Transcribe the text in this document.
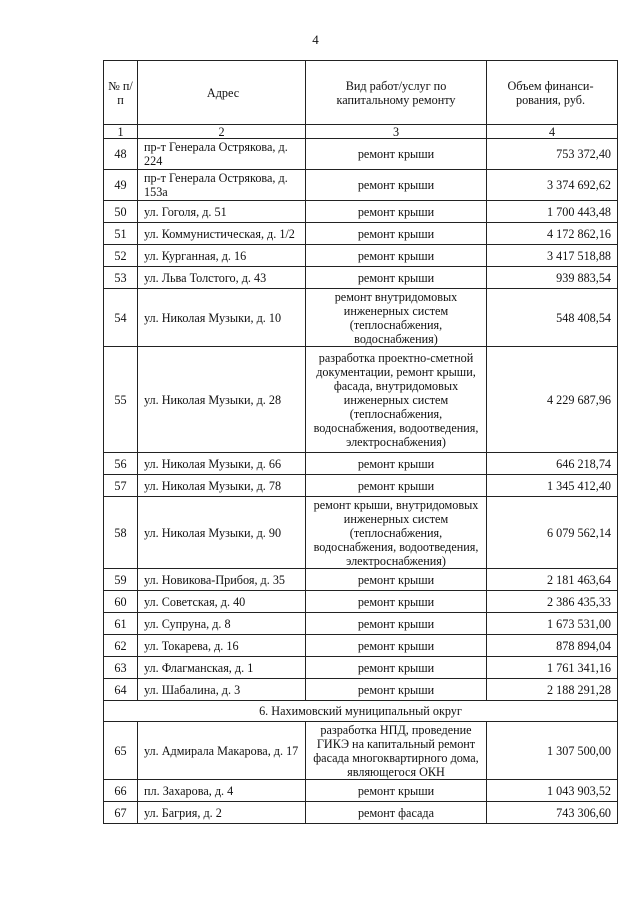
4
№ п/п	Адрес	Вид работ/услуг по капитальному ремонту	Объем финанси-рования, руб.
1	2	3	4
48	пр-т Генерала Острякова, д. 224	ремонт крыши	753 372,40
49	пр-т Генерала Острякова, д. 153а	ремонт крыши	3 374 692,62
50	ул. Гоголя, д. 51	ремонт крыши	1 700 443,48
51	ул. Коммунистическая, д. 1/2	ремонт крыши	4 172 862,16
52	ул. Курганная, д. 16	ремонт крыши	3 417 518,88
53	ул. Льва Толстого, д. 43	ремонт крыши	939 883,54
54	ул. Николая Музыки, д. 10	ремонт внутридомовых инженерных систем (теплоснабжения, водоснабжения)	548 408,54
55	ул. Николая Музыки, д. 28	разработка проектно-сметной документации, ремонт крыши, фасада, внутридомовых инженерных систем (теплоснабжения, водоснабжения, водоотведения, электроснабжения)	4 229 687,96
56	ул. Николая Музыки, д. 66	ремонт крыши	646 218,74
57	ул. Николая Музыки, д. 78	ремонт крыши	1 345 412,40
58	ул. Николая Музыки, д. 90	ремонт крыши, внутридомовых инженерных систем (теплоснабжения, водоснабжения, водоотведения, электроснабжения)	6 079 562,14
59	ул. Новикова-Прибоя, д. 35	ремонт крыши	2 181 463,64
60	ул. Советская, д. 40	ремонт крыши	2 386 435,33
61	ул. Супруна, д. 8	ремонт крыши	1 673 531,00
62	ул. Токарева, д. 16	ремонт крыши	878 894,04
63	ул. Флагманская, д. 1	ремонт крыши	1 761 341,16
64	ул. Шабалина, д. 3	ремонт крыши	2 188 291,28
6. Нахимовский муниципальный округ			
65	ул. Адмирала Макарова, д. 17	разработка НПД, проведение ГИКЭ на капитальный ремонт фасада многоквартирного дома, являющегося ОКН	1 307 500,00
66	пл. Захарова, д. 4	ремонт крыши	1 043 903,52
67	ул. Багрия, д. 2	ремонт фасада	743 306,60
